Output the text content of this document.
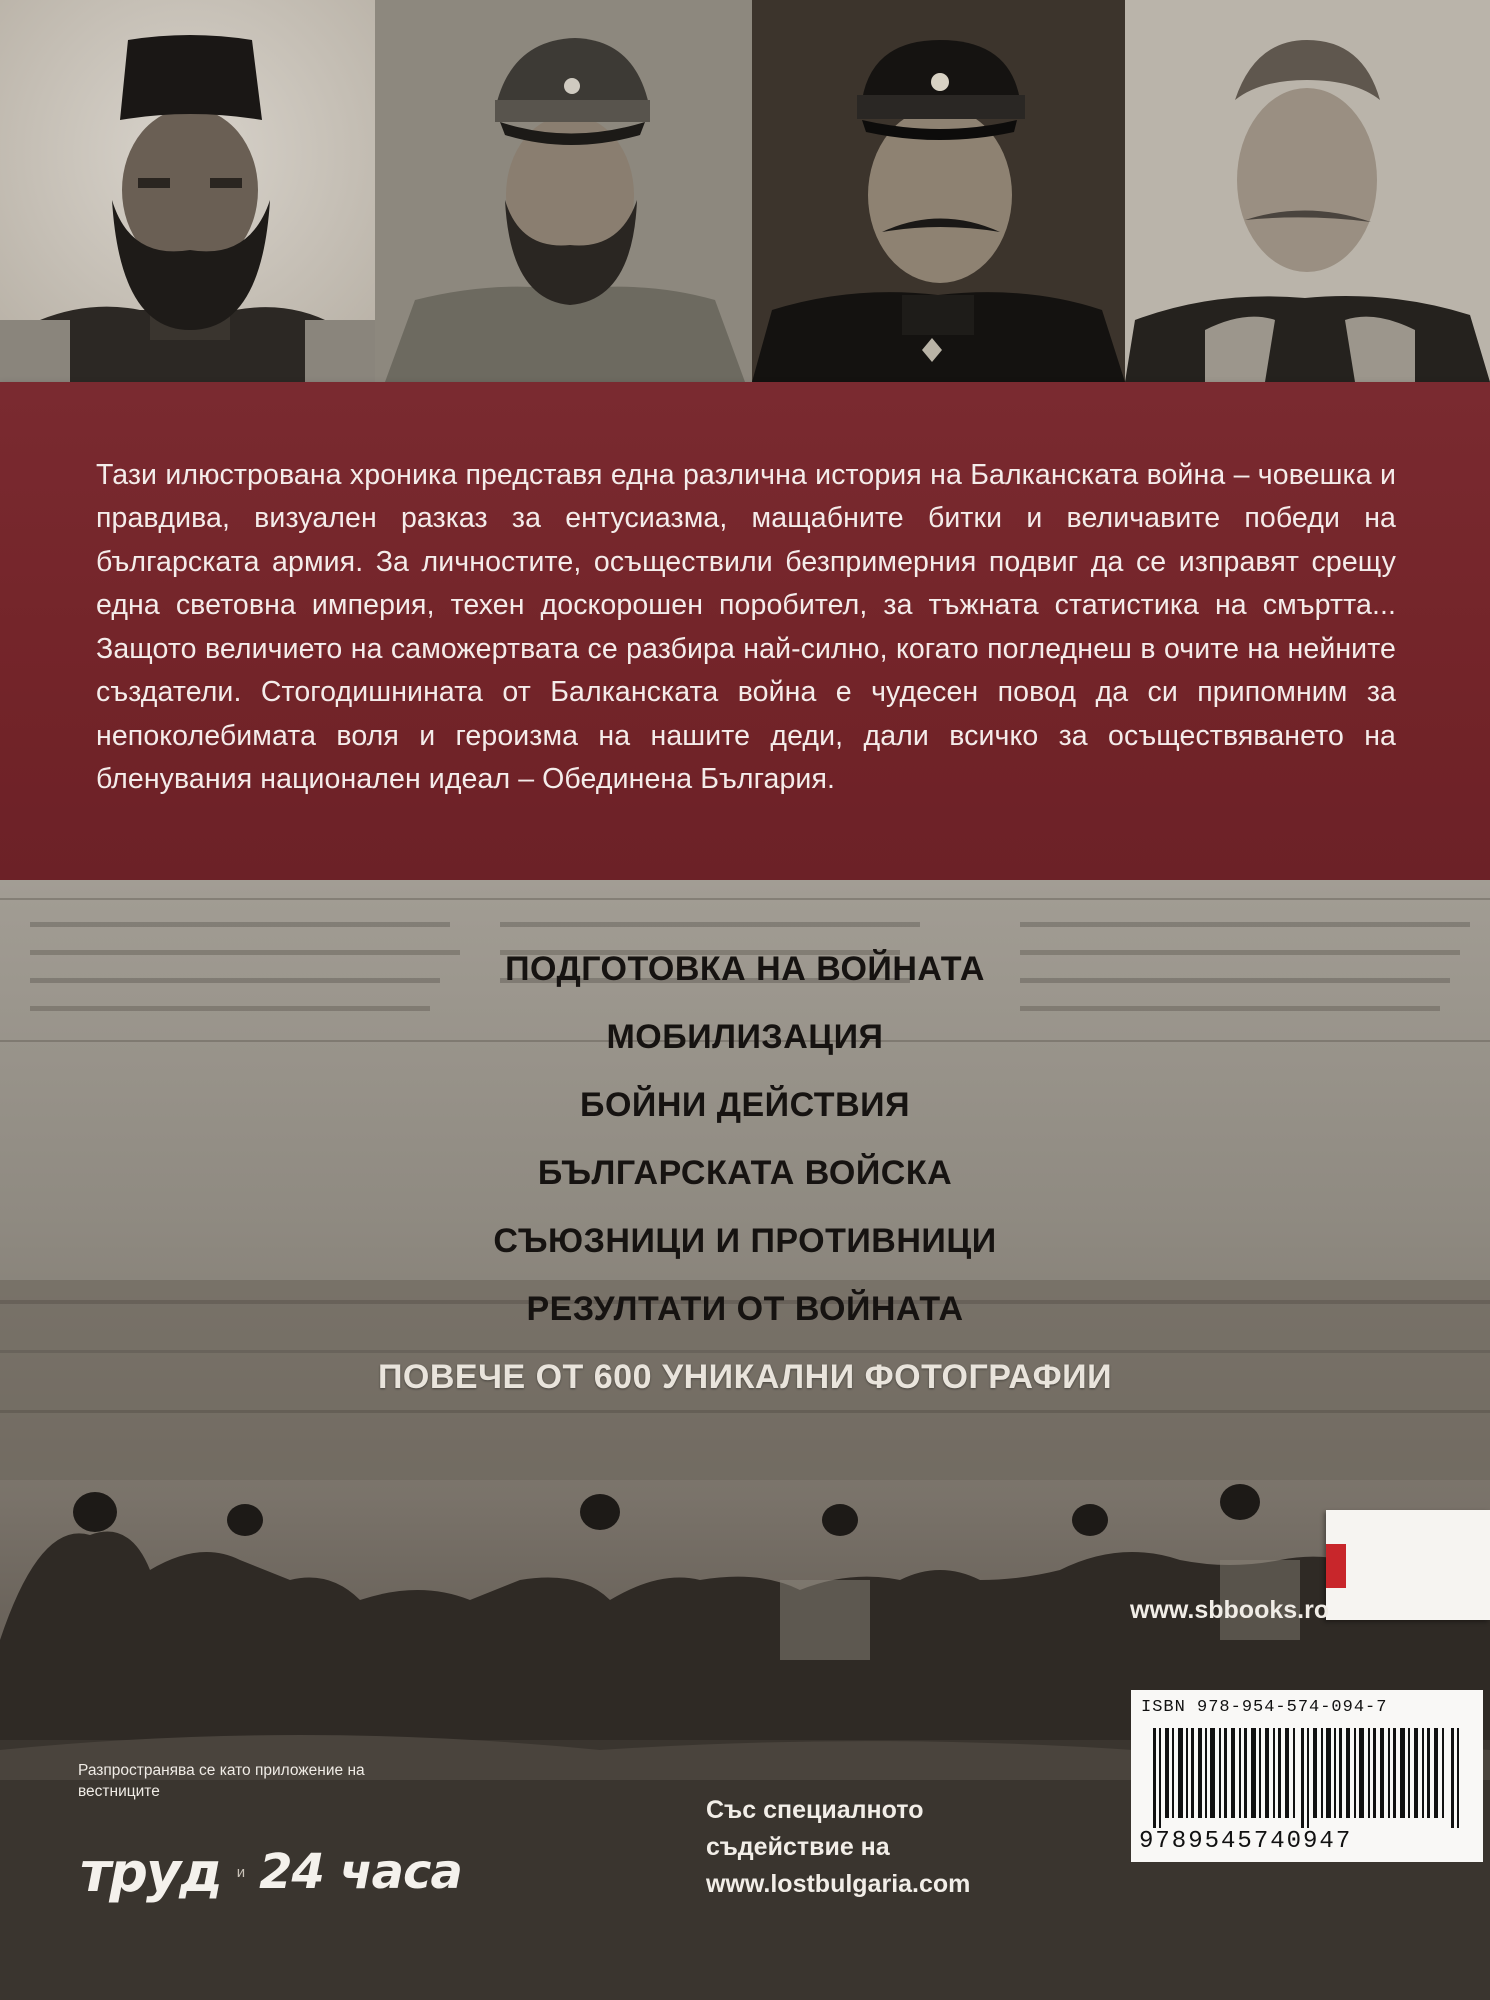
Тази илюстрована хроника представя една различна история на Балканската война – човешка и правдива, визуален разказ за ентусиазма, мащабните битки и величавите победи на българската армия. За личностите, осъществили безпримерния подвиг да се изправят срещу една световна империя, техен доскорошен поробител, за тъжната статистика на смъртта... Защото величието на саможертвата се разбира най-силно, когато погледнеш в очите на нейните създатели. Стогодишнината от Балканската война е чудесен повод да си припомним за непоколебимата воля и героизма на нашите деди, дали всичко за осъществяването на бленувания национален идеал – Обединена България.

ПОДГОТОВКА НА ВОЙНАТА
МОБИЛИЗАЦИЯ
БОЙНИ ДЕЙСТВИЯ
БЪЛГАРСКАТА ВОЙСКА
СЪЮЗНИЦИ И ПРОТИВНИЦИ
РЕЗУЛТАТИ ОТ ВОЙНАТА
ПОВЕЧЕ ОТ 600 УНИКАЛНИ ФОТОГРАФИИ
www.sbbooks.ro
ISBN 978-954-574-094-7
9789545740947
Разпространява се като приложение на вестниците
труд и 24 часа
Със специалното
съдействие на
www.lostbulgaria.com
